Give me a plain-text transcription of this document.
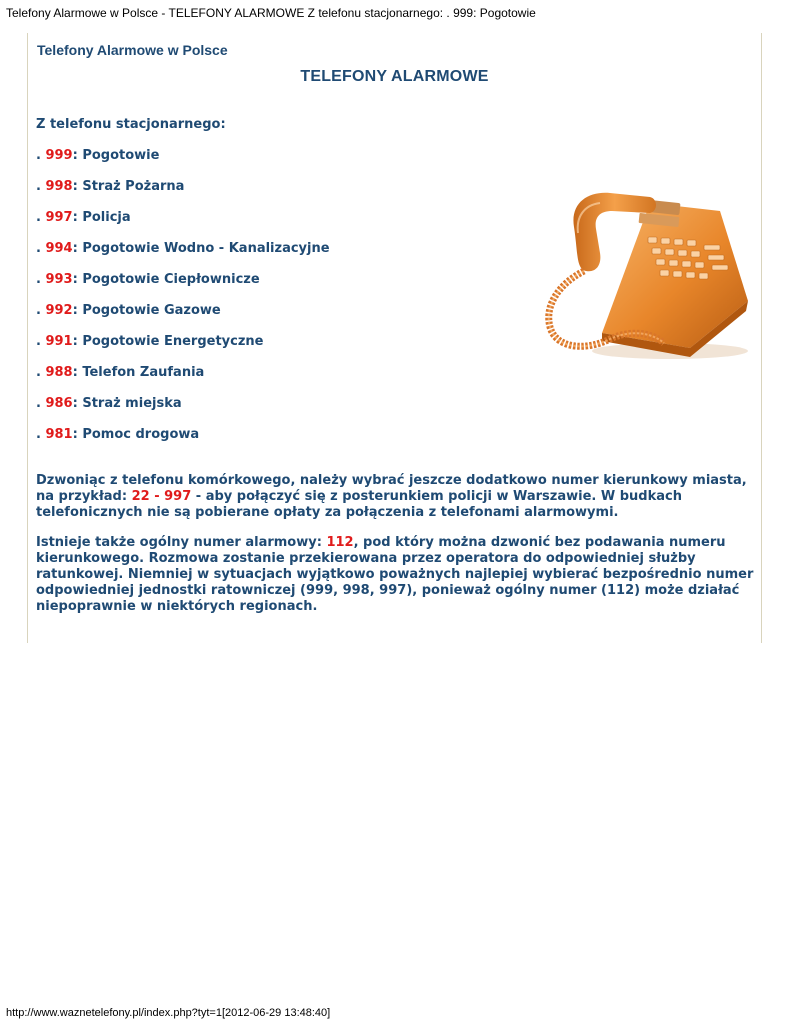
Telefony Alarmowe w Polsce - TELEFONY ALARMOWE Z telefonu stacjonarnego: . 999: Pogotowie
Telefony Alarmowe w Polsce
TELEFONY ALARMOWE
Z telefonu stacjonarnego:
. 999: Pogotowie
. 998: Straż Pożarna
. 997: Policja
. 994: Pogotowie Wodno - Kanalizacyjne
. 993: Pogotowie Ciepłownicze
. 992: Pogotowie Gazowe
. 991: Pogotowie Energetyczne
. 988: Telefon Zaufania
. 986: Straż miejska
. 981: Pomoc drogowa

Dzwoniąc z telefonu komórkowego, należy wybrać jeszcze dodatkowo numer kierunkowy miasta, na przykład: 22 - 997 - aby połączyć się z posterunkiem policji w Warszawie. W budkach telefonicznych nie są pobierane opłaty za połączenia z telefonami alarmowymi.

Istnieje także ogólny numer alarmowy: 112, pod który można dzwonić bez podawania numeru kierunkowego. Rozmowa zostanie przekierowana przez operatora do odpowiedniej służby ratunkowej. Niemniej w sytuacjach wyjątkowo poważnych najlepiej wybierać bezpośrednio numer odpowiedniej jednostki ratowniczej (999, 998, 997), ponieważ ogólny numer (112) może działać niepoprawnie w niektórych regionach.

http://www.waznetelefony.pl/index.php?tyt=1[2012-06-29 13:48:40]
